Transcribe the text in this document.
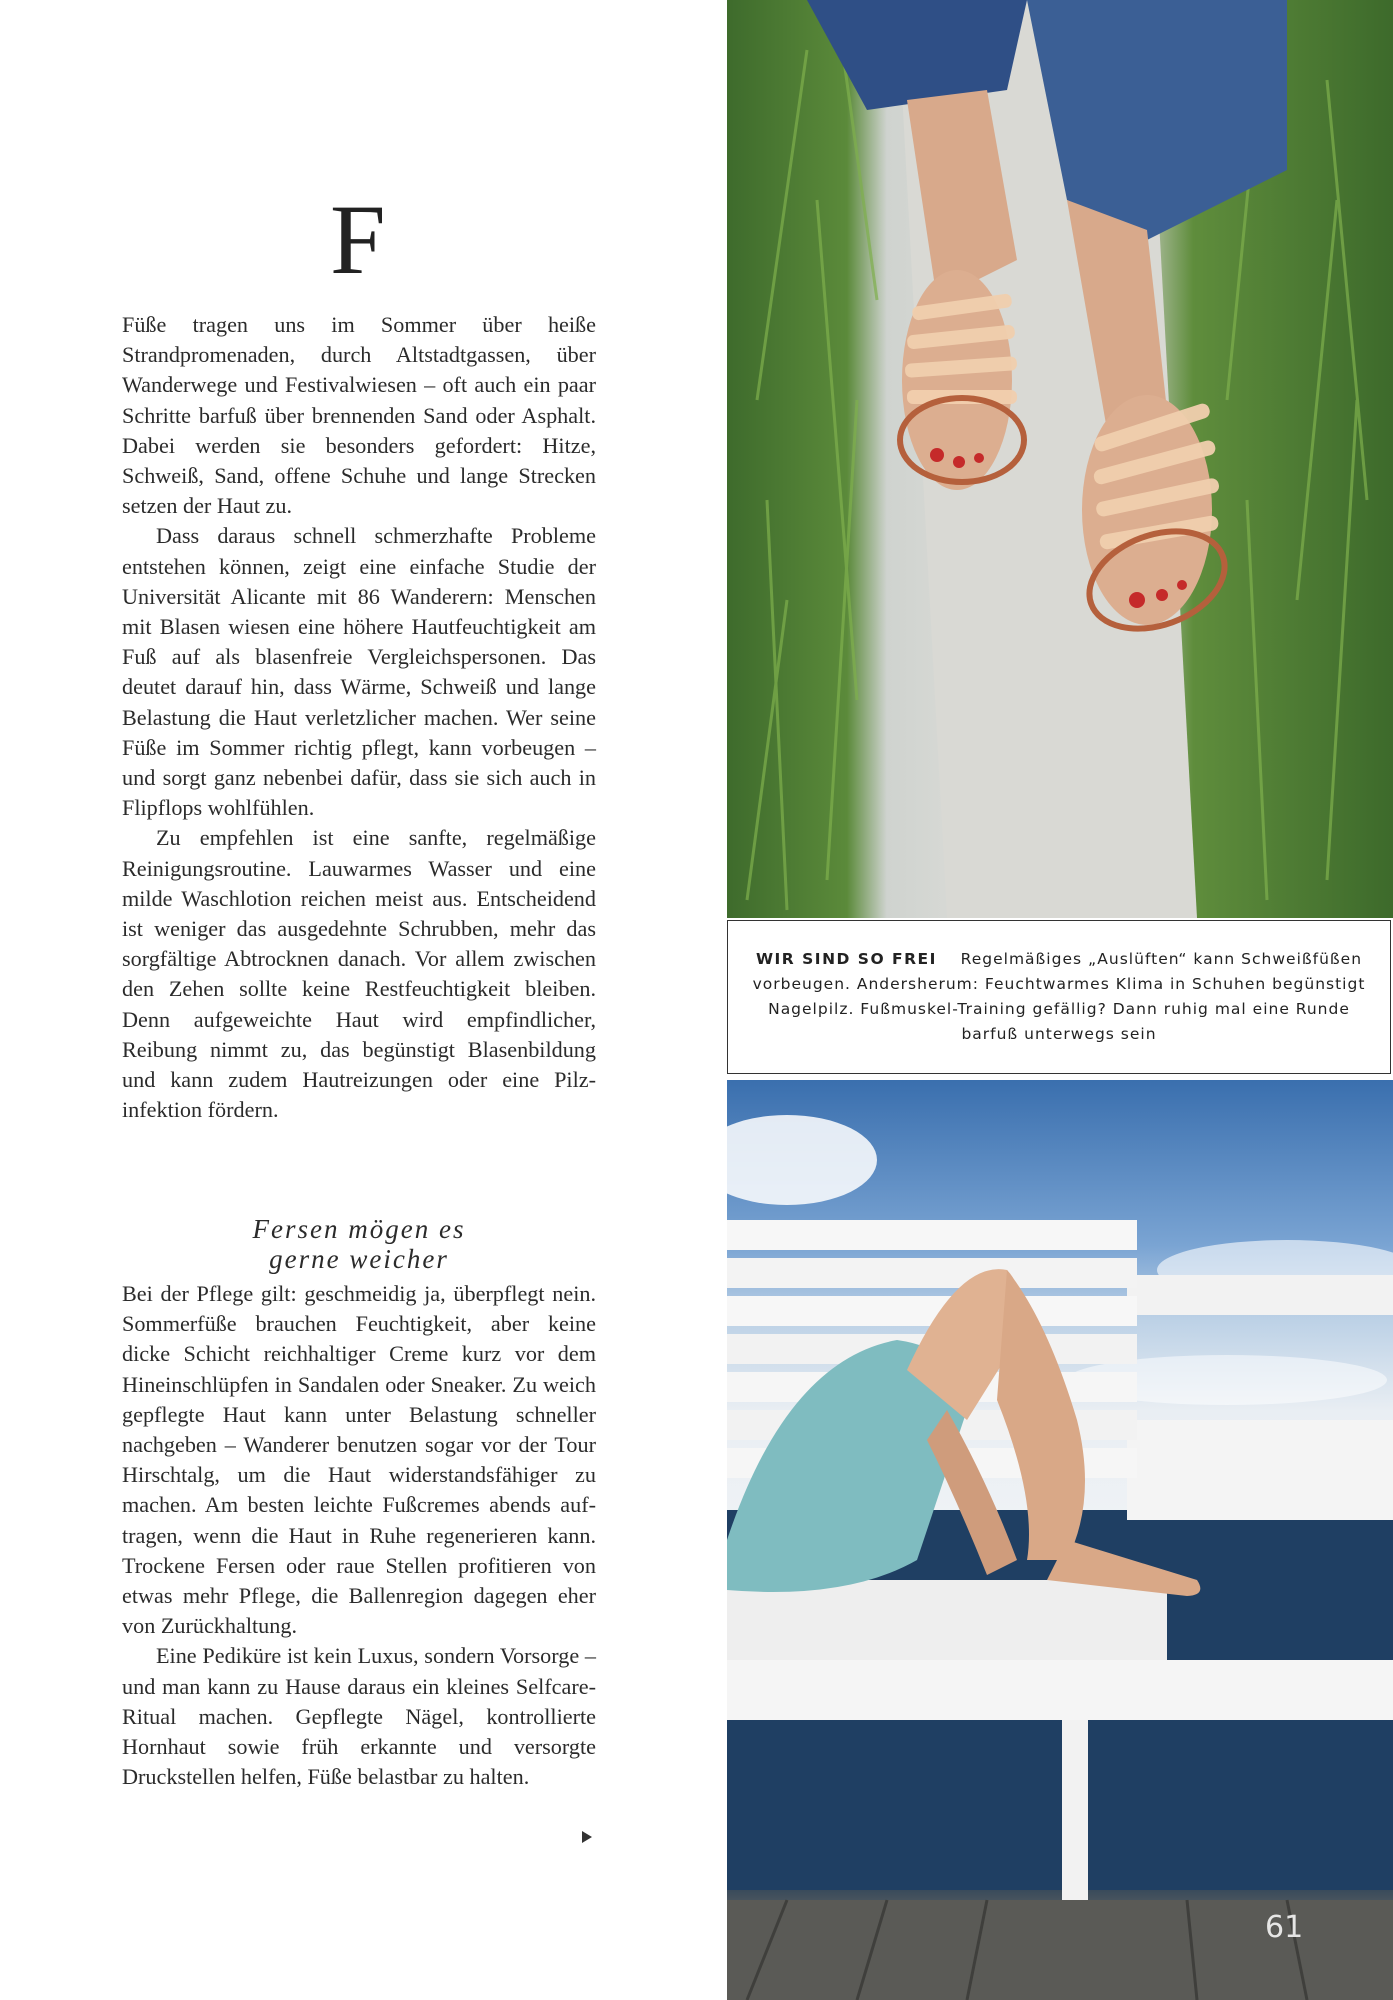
F

Füße tragen uns im Sommer über heiße Strandpromenaden, durch Altstadtgassen, über Wanderwege und Festivalwiesen – oft auch ein paar Schritte barfuß über brennenden Sand oder Asphalt. Dabei werden sie besonders gefordert: Hitze, Schweiß, Sand, offene Schuhe und lange Strecken setzen der Haut zu.

Dass daraus schnell schmerzhafte Probleme entstehen können, zeigt eine einfache Studie der Universität Alicante mit 86 Wanderern: Menschen mit Blasen wiesen eine höhere Hautfeuchtigkeit am Fuß auf als blasenfreie Vergleichspersonen. Das deutet darauf hin, dass Wärme, Schweiß und lange Belastung die Haut verletzlicher machen. Wer seine Füße im Sommer richtig pflegt, kann vorbeugen – und sorgt ganz nebenbei dafür, dass sie sich auch in Flipflops wohlfühlen.

Zu empfehlen ist eine sanfte, regelmäßige Reinigungsroutine. Lauwarmes Wasser und eine milde Waschlotion reichen meist aus. Entscheidend ist weniger das ausgedehnte Schrubben, mehr das sorgfältige Abtrocknen danach. Vor allem zwischen den Zehen sollte keine Restfeuchtigkeit bleiben. Denn aufgeweichte Haut wird empfindlicher, Reibung nimmt zu, das begünstigt Blasenbildung und kann zudem Hautreizungen oder eine Pilzinfektion fördern.

Fersen mögen es
gerne weicher

Bei der Pflege gilt: geschmeidig ja, überpflegt nein. Sommerfüße brauchen Feuchtigkeit, aber keine dicke Schicht reichhaltiger Creme kurz vor dem Hineinschlüpfen in Sandalen oder Sneaker. Zu weich gepflegte Haut kann unter Belastung schneller nachgeben – Wanderer benutzen sogar vor der Tour Hirschtalg, um die Haut widerstandsfähiger zu machen. Am besten leichte Fußcremes abends auftragen, wenn die Haut in Ruhe regenerieren kann. Trockene Fersen oder raue Stellen profitieren von etwas mehr Pflege, die Ballenregion dagegen eher von Zurückhaltung.

Eine Pediküre ist kein Luxus, sondern Vorsorge – und man kann zu Hause daraus ein kleines Selfcare-Ritual machen. Gepflegte Nägel, kontrollierte Hornhaut sowie früh erkannte und versorgte Druckstellen helfen, Füße belastbar zu halten.

WIR SIND SO FREI Regelmäßiges „Auslüften“ kann Schweißfüßen vorbeugen. Andersherum: Feuchtwarmes Klima in Schuhen begünstigt Nagelpilz. Fußmuskel-Training gefällig? Dann ruhig mal eine Runde barfuß unterwegs sein
61
